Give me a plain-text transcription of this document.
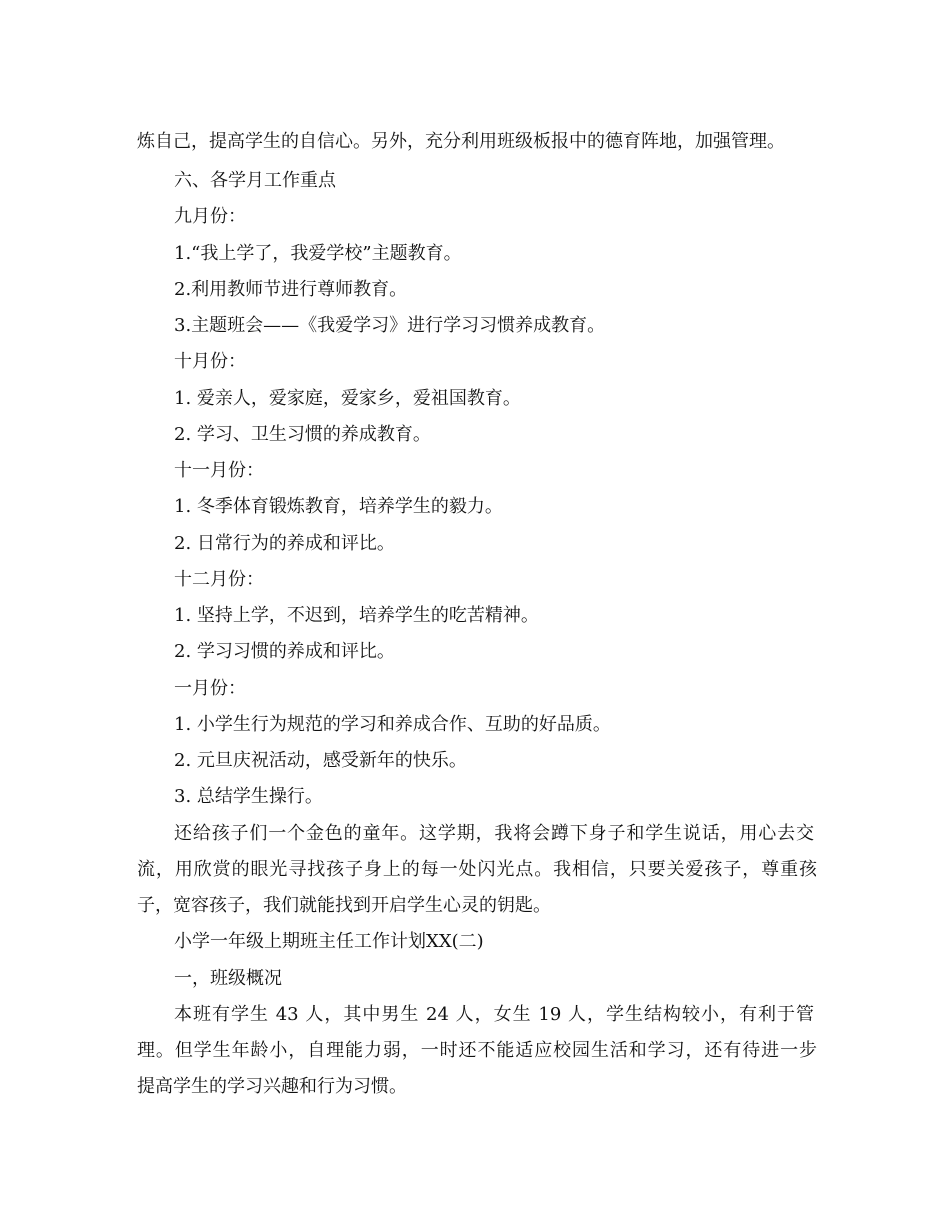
炼自己，提高学生的自信心。另外，充分利用班级板报中的德育阵地，加强管理。
六、各学月工作重点
九月份：
1.“我上学了，我爱学校”主题教育。
2.利用教师节进行尊师教育。
3.主题班会——《我爱学习》进行学习习惯养成教育。
十月份：
1. 爱亲人，爱家庭，爱家乡，爱祖国教育。
2. 学习、卫生习惯的养成教育。
十一月份：
1. 冬季体育锻炼教育，培养学生的毅力。
2. 日常行为的养成和评比。
十二月份：
1. 坚持上学，不迟到，培养学生的吃苦精神。
2. 学习习惯的养成和评比。
一月份：
1. 小学生行为规范的学习和养成合作、互助的好品质。
2. 元旦庆祝活动，感受新年的快乐。
3. 总结学生操行。
还给孩子们一个金色的童年。这学期，我将会蹲下身子和学生说话，用心去交
流，用欣赏的眼光寻找孩子身上的每一处闪光点。我相信，只要关爱孩子，尊重孩
子，宽容孩子，我们就能找到开启学生心灵的钥匙。
小学一年级上期班主任工作计划XX(二)
一，班级概况
本班有学生 43 人，其中男生 24 人，女生 19 人，学生结构较小，有利于管
理。但学生年龄小，自理能力弱，一时还不能适应校园生活和学习，还有待进一步
提高学生的学习兴趣和行为习惯。
